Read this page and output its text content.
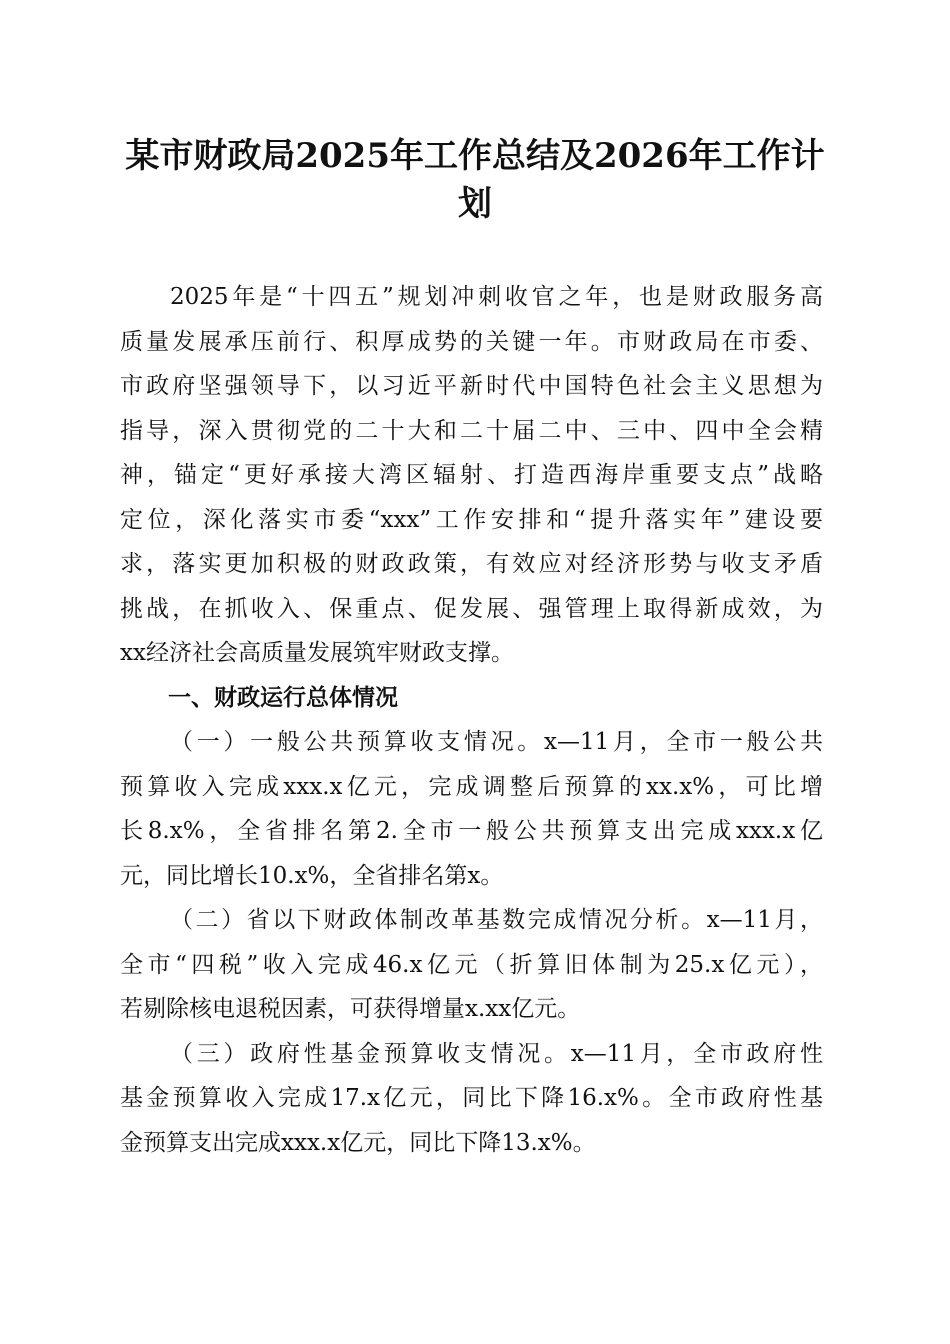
某市财政局2025年工作总结及2026年工作计
划
2025年是“十四五”规划冲刺收官之年，也是财政服务高
质量发展承压前行、积厚成势的关键一年。市财政局在市委、
市政府坚强领导下，以习近平新时代中国特色社会主义思想为
指导，深入贯彻党的二十大和二十届二中、三中、四中全会精
神，锚定“更好承接大湾区辐射、打造西海岸重要支点”战略
定位，深化落实市委“xxx”工作安排和“提升落实年”建设要
求，落实更加积极的财政政策，有效应对经济形势与收支矛盾
挑战，在抓收入、保重点、促发展、强管理上取得新成效，为
xx经济社会高质量发展筑牢财政支撑。
一、财政运行总体情况
（一）一般公共预算收支情况。x—11月，全市一般公共
预算收入完成xxx.x亿元，完成调整后预算的xx.x%，可比增
长8.x%，全省排名第2.全市一般公共预算支出完成xxx.x亿
元，同比增长10.x%，全省排名第x。
（二）省以下财政体制改革基数完成情况分析。x—11月，
全市“四税”收入完成46.x亿元（折算旧体制为25.x亿元），
若剔除核电退税因素，可获得增量x.xx亿元。
（三）政府性基金预算收支情况。x—11月，全市政府性
基金预算收入完成17.x亿元，同比下降16.x%。全市政府性基
金预算支出完成xxx.x亿元，同比下降13.x%。
